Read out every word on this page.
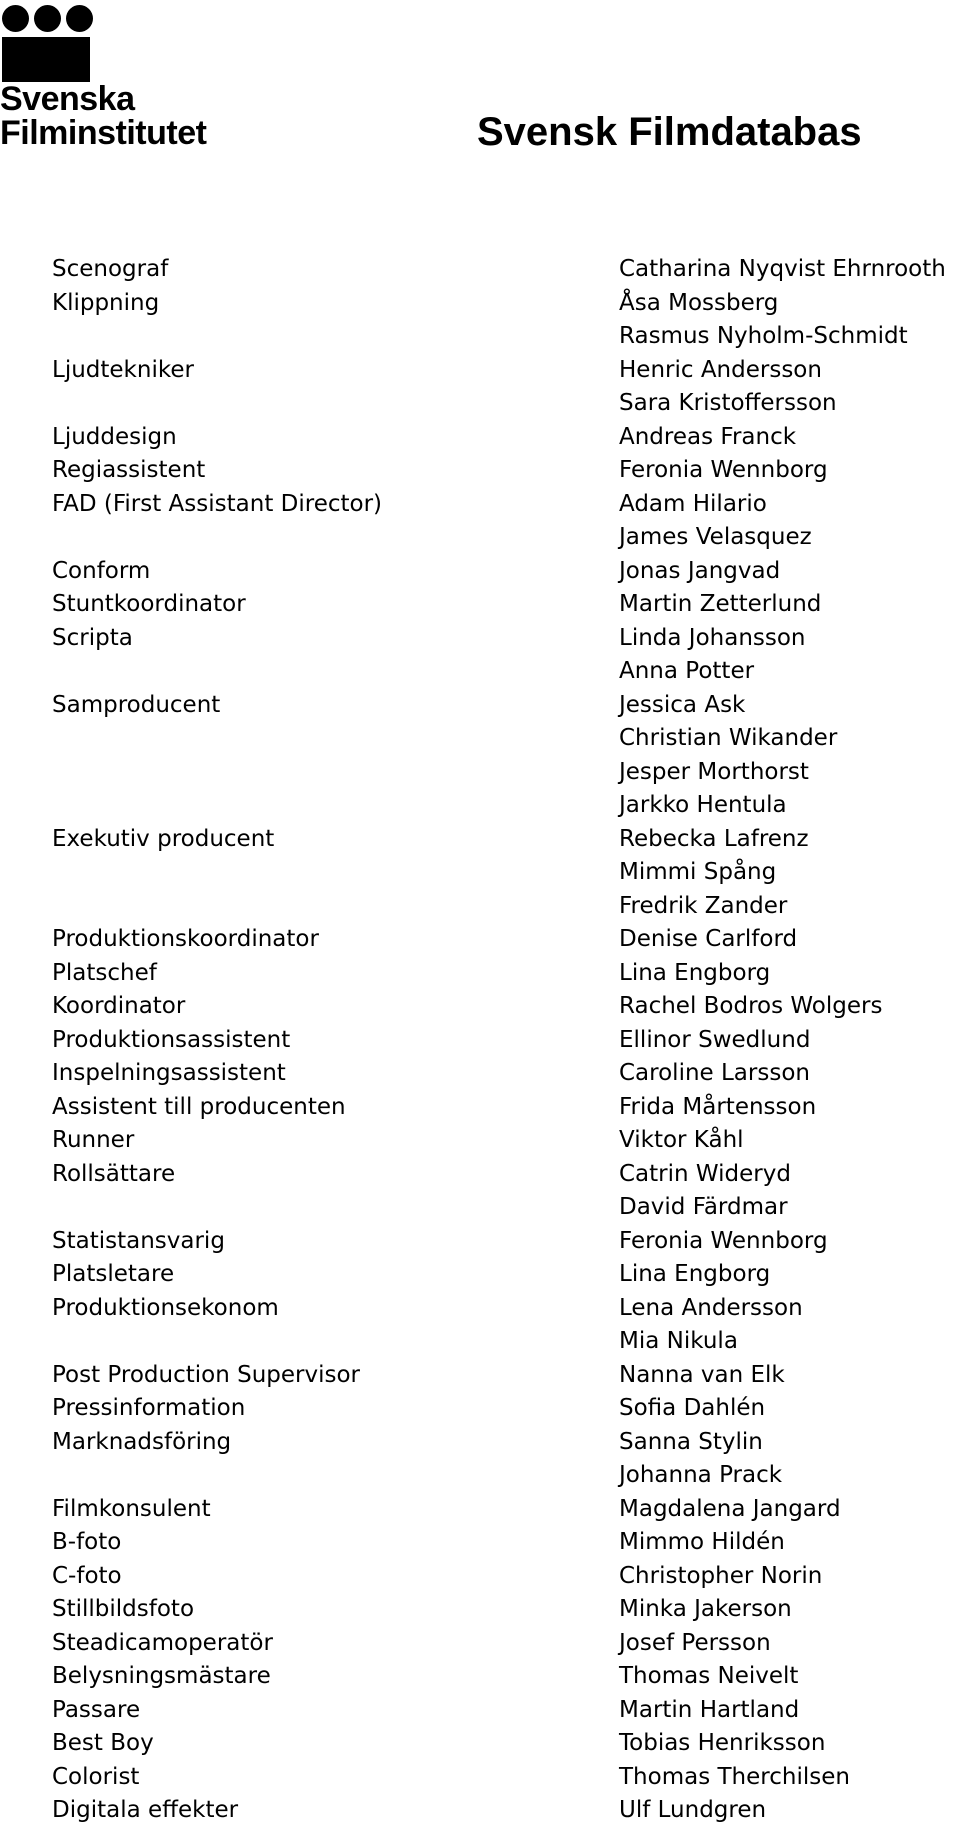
Svenska
Filminstitutet	Svensk Filmdatabas
Scenograf	Catharina Nyqvist Ehrnrooth
Klippning	Åsa Mossberg
Rasmus Nyholm-Schmidt
Ljudtekniker	Henric Andersson
Sara Kristoffersson
Ljuddesign	Andreas Franck
Regiassistent	Feronia Wennborg
FAD (First Assistant Director)	Adam Hilario
James Velasquez
Conform	Jonas Jangvad
Stuntkoordinator	Martin Zetterlund
Scripta	Linda Johansson
Anna Potter
Samproducent	Jessica Ask
Christian Wikander
Jesper Morthorst
Jarkko Hentula
Exekutiv producent	Rebecka Lafrenz
Mimmi Spång
Fredrik Zander
Produktionskoordinator	Denise Carlford
Platschef	Lina Engborg
Koordinator	Rachel Bodros Wolgers
Produktionsassistent	Ellinor Swedlund
Inspelningsassistent	Caroline Larsson
Assistent till producenten	Frida Mårtensson
Runner	Viktor Kåhl
Rollsättare	Catrin Wideryd
David Färdmar
Statistansvarig	Feronia Wennborg
Platsletare	Lina Engborg
Produktionsekonom	Lena Andersson
Mia Nikula
Post Production Supervisor	Nanna van Elk
Pressinformation	Sofia Dahlén
Marknadsföring	Sanna Stylin
Johanna Prack
Filmkonsulent	Magdalena Jangard
B-foto	Mimmo Hildén
C-foto	Christopher Norin
Stillbildsfoto	Minka Jakerson
Steadicamoperatör	Josef Persson
Belysningsmästare	Thomas Neivelt
Passare	Martin Hartland
Best Boy	Tobias Henriksson
Colorist	Thomas Therchilsen
Digitala effekter	Ulf Lundgren
